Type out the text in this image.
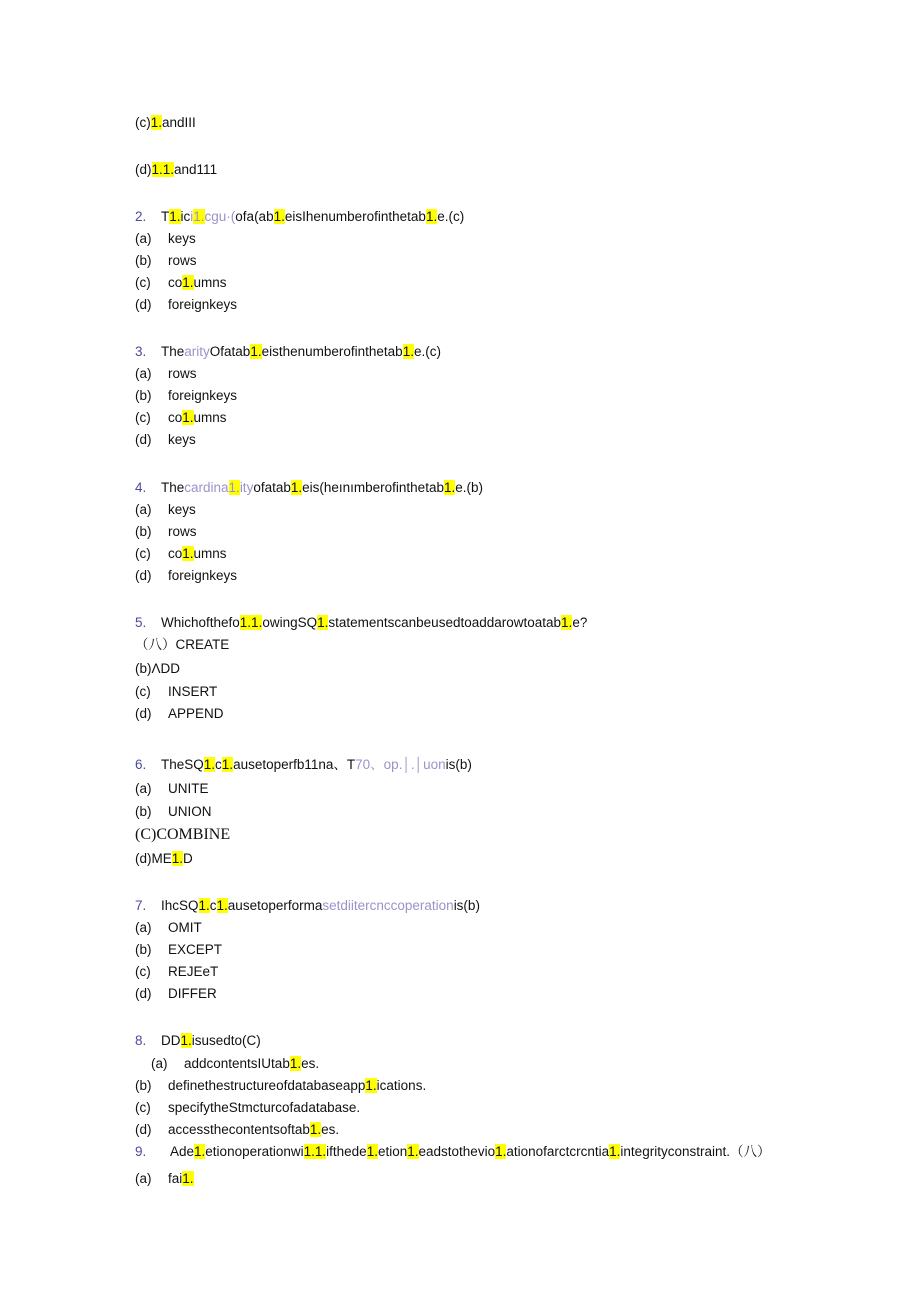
(c)1.andIII
(d)1.1.and111
2. T1.ici1.cgu·(ofa(ab1.eisIhenumberofinthetab1.e.(c)
(a) keys
(b) rows
(c) co1.umns
(d) foreignkeys
3. ThearityOfatab1.eisthenumberofinthetab1.e.(c)
(a) rows
(b) foreignkeys
(c) co1.umns
(d) keys
4. Thecardina1.ityofatab1.eis(heınımberofinthetab1.e.(b)
(a) keys
(b) rows
(c) co1.umns
(d) foreignkeys
5. Whichofthefo1.1.owingSQ1.statementscanbeusedtoaddarowtoatab1.e?
（八）CREATE
(b)ΛDD
(c) INSERT
(d) APPEND
6. TheSQ1.c1.ausetoperfb11na、T70、op.│.│uonis(b)
(a) UNITE
(b) UNION
(C)COMBINE
(d)ME1.D
7. IhcSQ1.c1.ausetoperformasetdiitercnccoperationis(b)
(a) OMIT
(b) EXCEPT
(c) REJEeT
(d) DIFFER
8. DD1.isusedto(C)
(a) addcontentsIUtab1.es.
(b) definethestructureofdatabaseapp1.ications.
(c) specifytheStmcturcofadatabase.
(d) accessthecontentsoftab1.es.
9. Ade1.etionoperationwi1.1.ifthede1.etion1.eadstothevio1.ationofarctcrcntia1.integrityconstraint.（八）
(a) fai1.
